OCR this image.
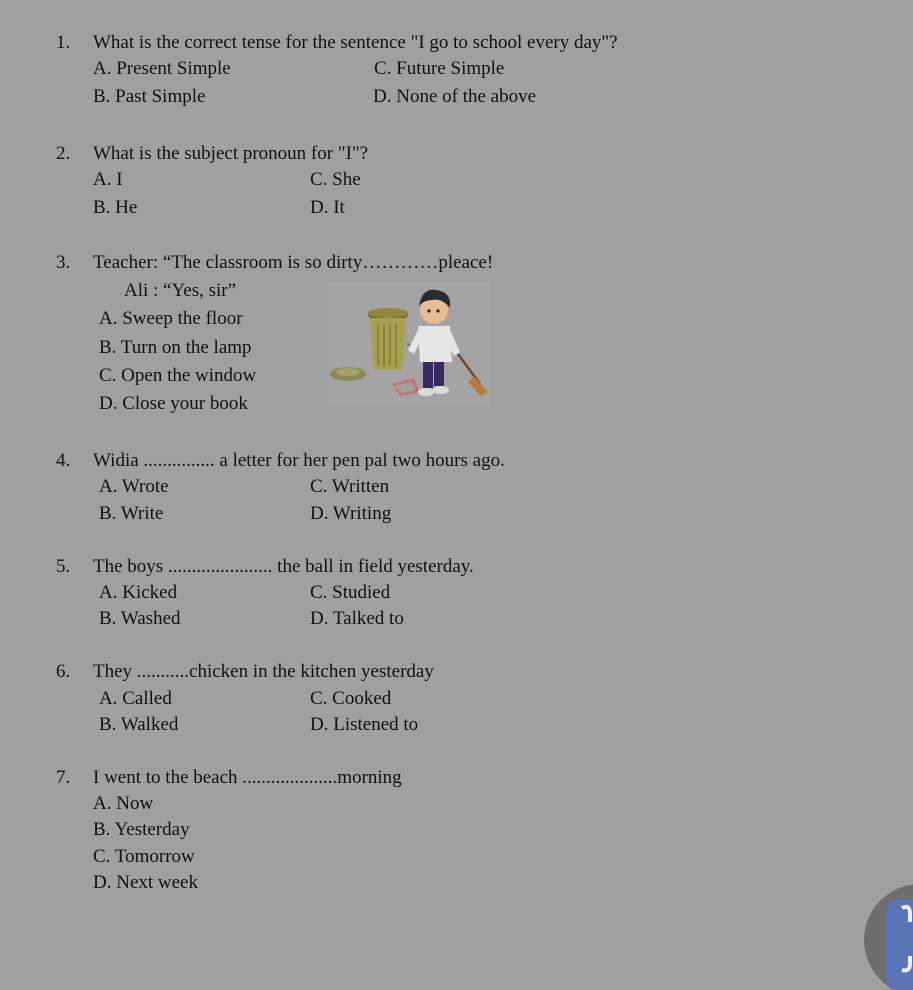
1. What is the correct tense for the sentence "I go to school every day"?
A. Present Simple	C. Future Simple
B. Past Simple	D. None of the above
2. What is the subject pronoun for "I"?
A. I	C. She
B. He	D. It
3. Teacher: “The classroom is so dirty…………pleace!
Ali : “Yes, sir”
A. Sweep the floor
B. Turn on the lamp
C. Open the window
D. Close your book
4. Widia ............... a letter for her pen pal two hours ago.
A. Wrote	C. Written
B. Write	D. Writing
5. The boys ...................... the ball in field yesterday.
A. Kicked	C. Studied
B. Washed	D. Talked to
6. They ...........chicken in the kitchen yesterday
A. Called	C. Cooked
B. Walked	D. Listened to
7. I went to the beach ....................morning
A. Now
B. Yesterday
C. Tomorrow
D. Next week
